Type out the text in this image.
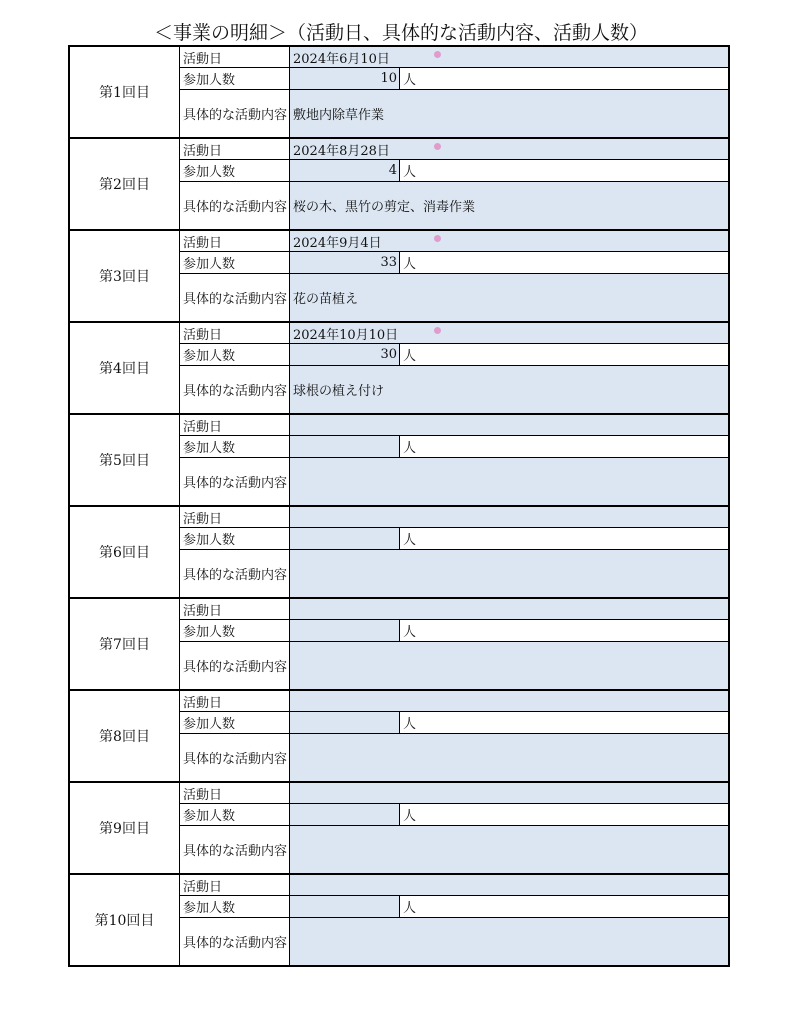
＜事業の明細＞（活動日、具体的な活動内容、活動人数）
第1回目
活動日	2024年6月10日
参加人数	10 人
具体的な活動内容 敷地内除草作業
第2回目
活動日	2024年8月28日
参加人数	4 人
具体的な活動内容 桜の木、黒竹の剪定、消毒作業
第3回目
活動日	2024年9月4日
参加人数	33 人
具体的な活動内容 花の苗植え
第4回目
活動日	2024年10月10日
参加人数	30 人
具体的な活動内容 球根の植え付け
第5回目
活動日
参加人数	人
具体的な活動内容
第6回目
活動日
参加人数	人
具体的な活動内容
第7回目
活動日
参加人数	人
具体的な活動内容
第8回目
活動日
参加人数	人
具体的な活動内容
第9回目
活動日
参加人数	人
具体的な活動内容
第10回目
活動日
参加人数	人
具体的な活動内容
